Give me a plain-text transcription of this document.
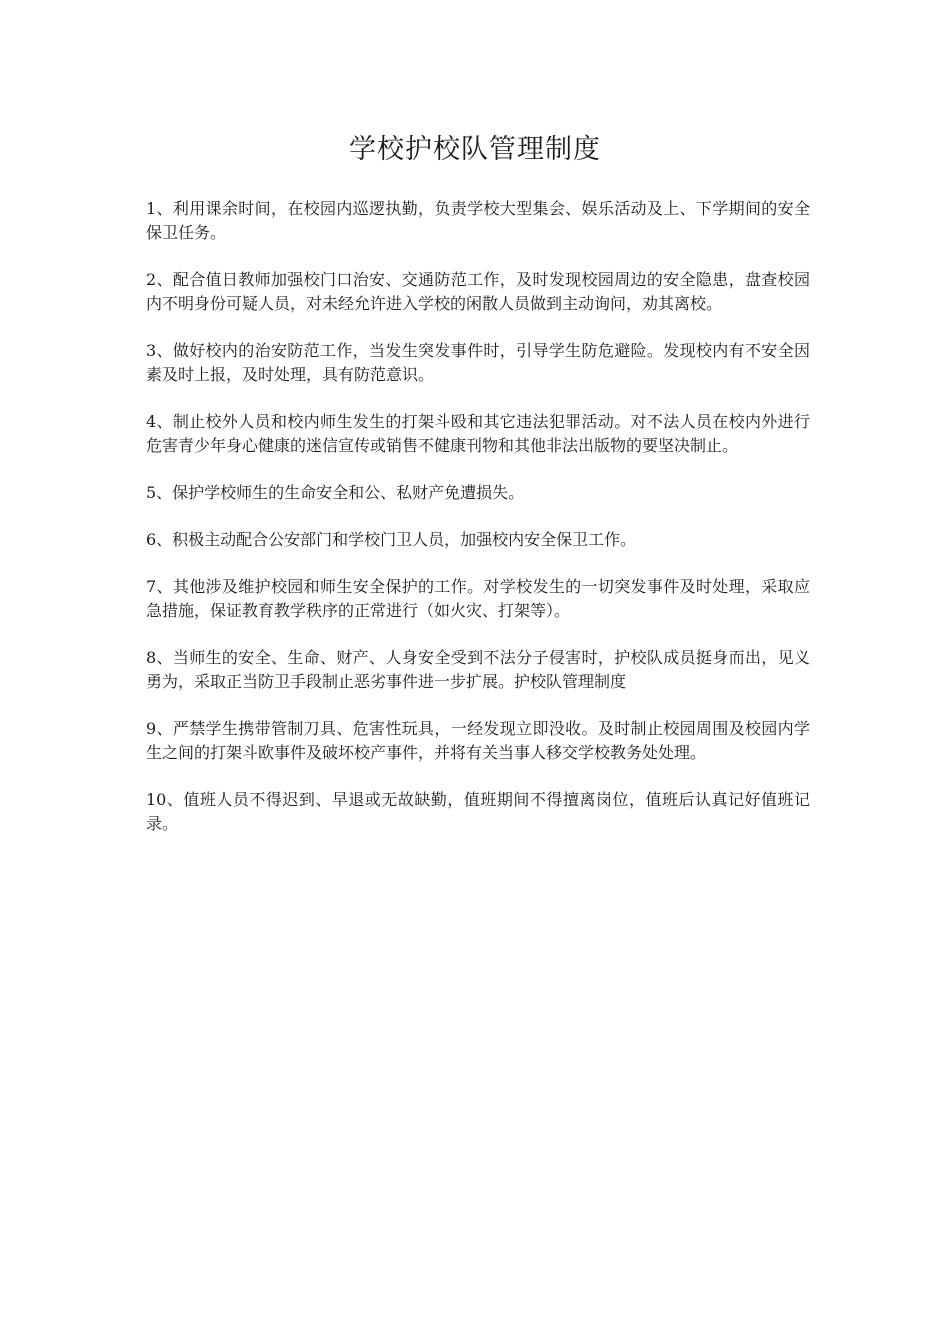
学校护校队管理制度

1、利用课余时间，在校园内巡逻执勤，负责学校大型集会、娱乐活动及上、下学期间的安全保卫任务。

2、配合值日教师加强校门口治安、交通防范工作，及时发现校园周边的安全隐患，盘查校园内不明身份可疑人员，对未经允许进入学校的闲散人员做到主动询问，劝其离校。

3、做好校内的治安防范工作，当发生突发事件时，引导学生防危避险。发现校内有不安全因素及时上报，及时处理，具有防范意识。

4、制止校外人员和校内师生发生的打架斗殴和其它违法犯罪活动。对不法人员在校内外进行危害青少年身心健康的迷信宣传或销售不健康刊物和其他非法出版物的要坚决制止。

5、保护学校师生的生命安全和公、私财产免遭损失。

6、积极主动配合公安部门和学校门卫人员，加强校内安全保卫工作。

7、其他涉及维护校园和师生安全保护的工作。对学校发生的一切突发事件及时处理，采取应急措施，保证教育教学秩序的正常进行（如火灾、打架等）。

8、当师生的安全、生命、财产、人身安全受到不法分子侵害时，护校队成员挺身而出，见义勇为，采取正当防卫手段制止恶劣事件进一步扩展。护校队管理制度

9、严禁学生携带管制刀具、危害性玩具，一经发现立即没收。及时制止校园周围及校园内学生之间的打架斗欧事件及破坏校产事件，并将有关当事人移交学校教务处处理。

10、值班人员不得迟到、早退或无故缺勤，值班期间不得擅离岗位，值班后认真记好值班记录。
